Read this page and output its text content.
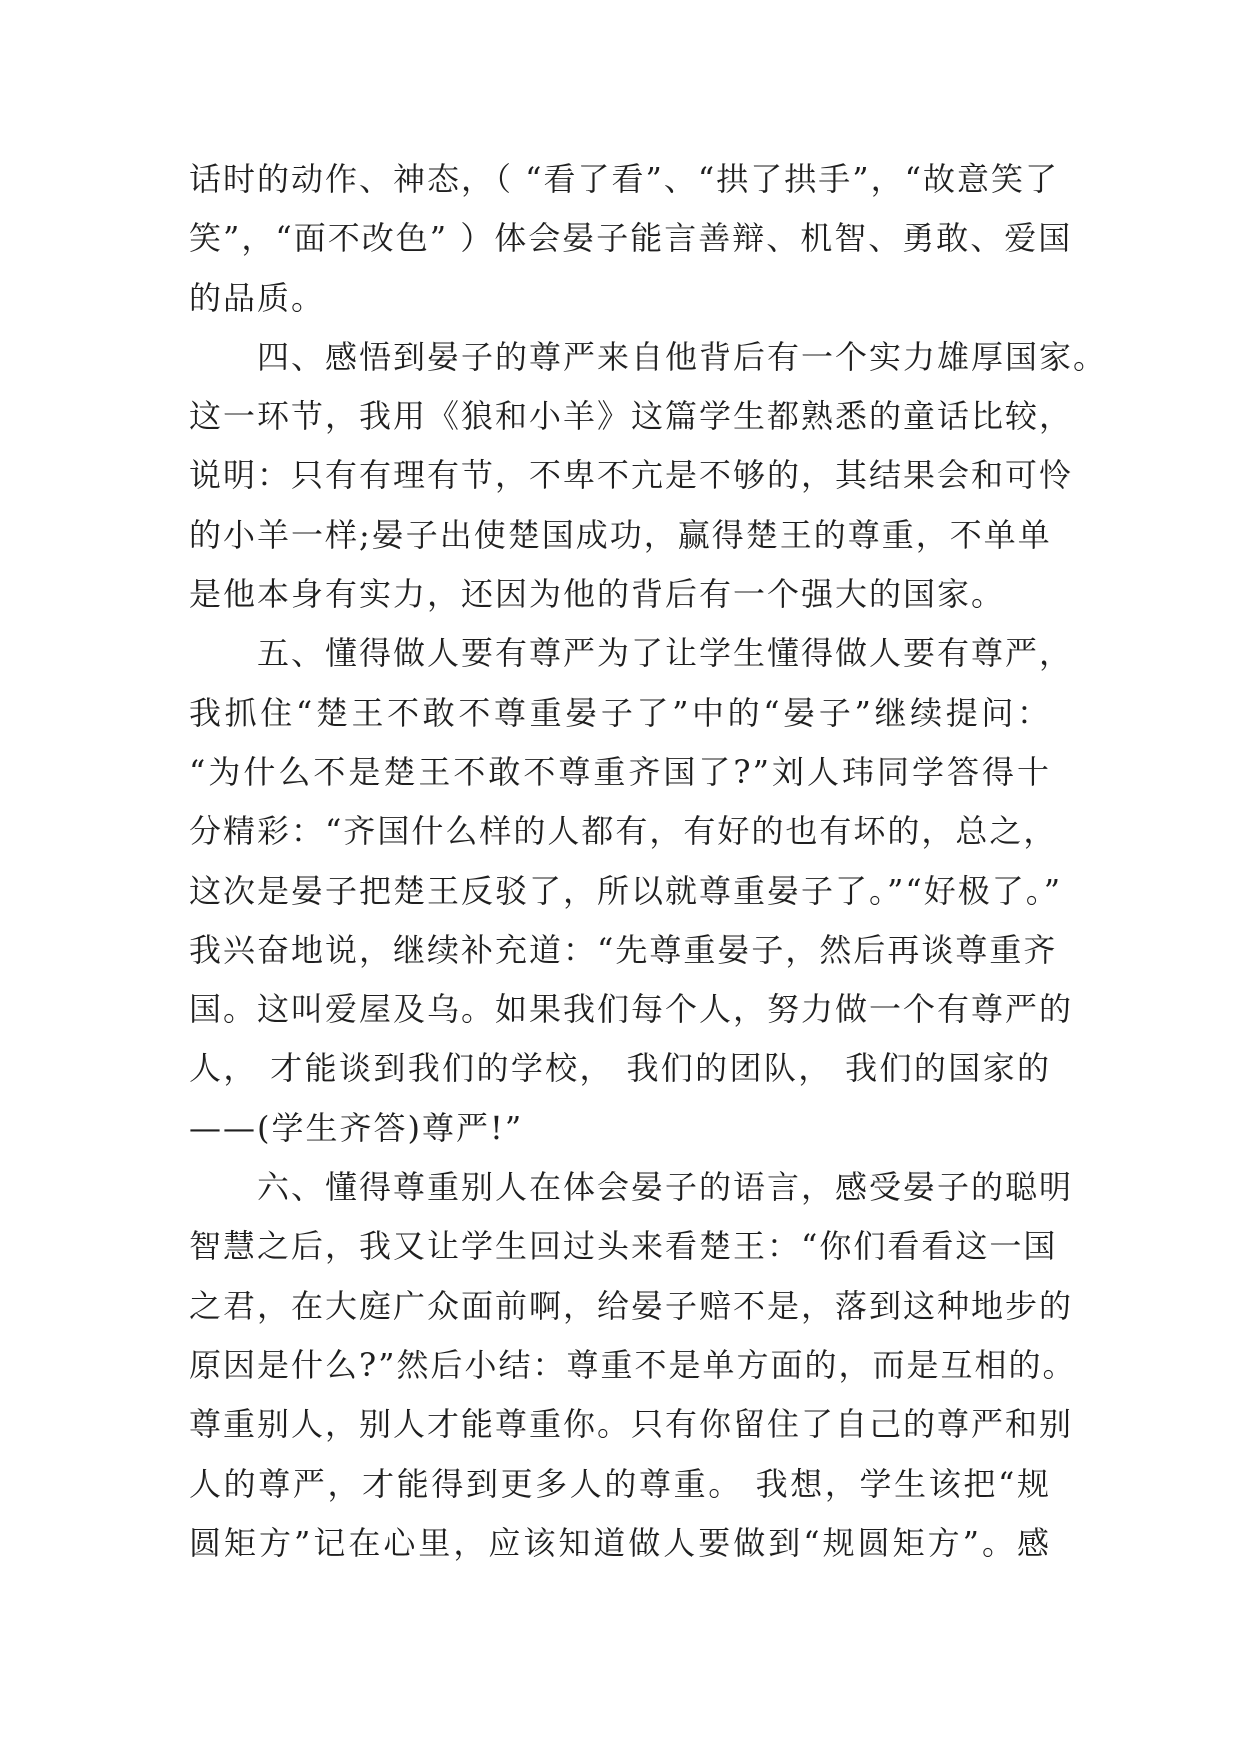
话时的动作、神态，（ “看了看”、“拱了拱手”，“故意笑了
笑”，“面不改色” ）体会晏子能言善辩、机智、勇敢、爱国
的品质。
　　四、感悟到晏子的尊严来自他背后有一个实力雄厚国家。
这一环节，我用《狼和小羊》这篇学生都熟悉的童话比较，
说明：只有有理有节，不卑不亢是不够的，其结果会和可怜
的小羊一样;晏子出使楚国成功，赢得楚王的尊重，不单单
是他本身有实力，还因为他的背后有一个强大的国家。
　　五、懂得做人要有尊严为了让学生懂得做人要有尊严，
我抓住“楚王不敢不尊重晏子了”中的“晏子”继续提问：
“为什么不是楚王不敢不尊重齐国了?”刘人玮同学答得十
分精彩：“齐国什么样的人都有，有好的也有坏的，总之，
这次是晏子把楚王反驳了，所以就尊重晏子了。”“好极了。”
我兴奋地说，继续补充道：“先尊重晏子，然后再谈尊重齐
国。这叫爱屋及乌。如果我们每个人，努力做一个有尊严的
人， 才能谈到我们的学校， 我们的团队， 我们的国家的
——(学生齐答)尊严!”
　　六、懂得尊重别人在体会晏子的语言，感受晏子的聪明
智慧之后，我又让学生回过头来看楚王：“你们看看这一国
之君，在大庭广众面前啊，给晏子赔不是，落到这种地步的
原因是什么?”然后小结：尊重不是单方面的，而是互相的。
尊重别人，别人才能尊重你。只有你留住了自己的尊严和别
人的尊严，才能得到更多人的尊重。 我想，学生该把“规
圆矩方”记在心里，应该知道做人要做到“规圆矩方”。感
